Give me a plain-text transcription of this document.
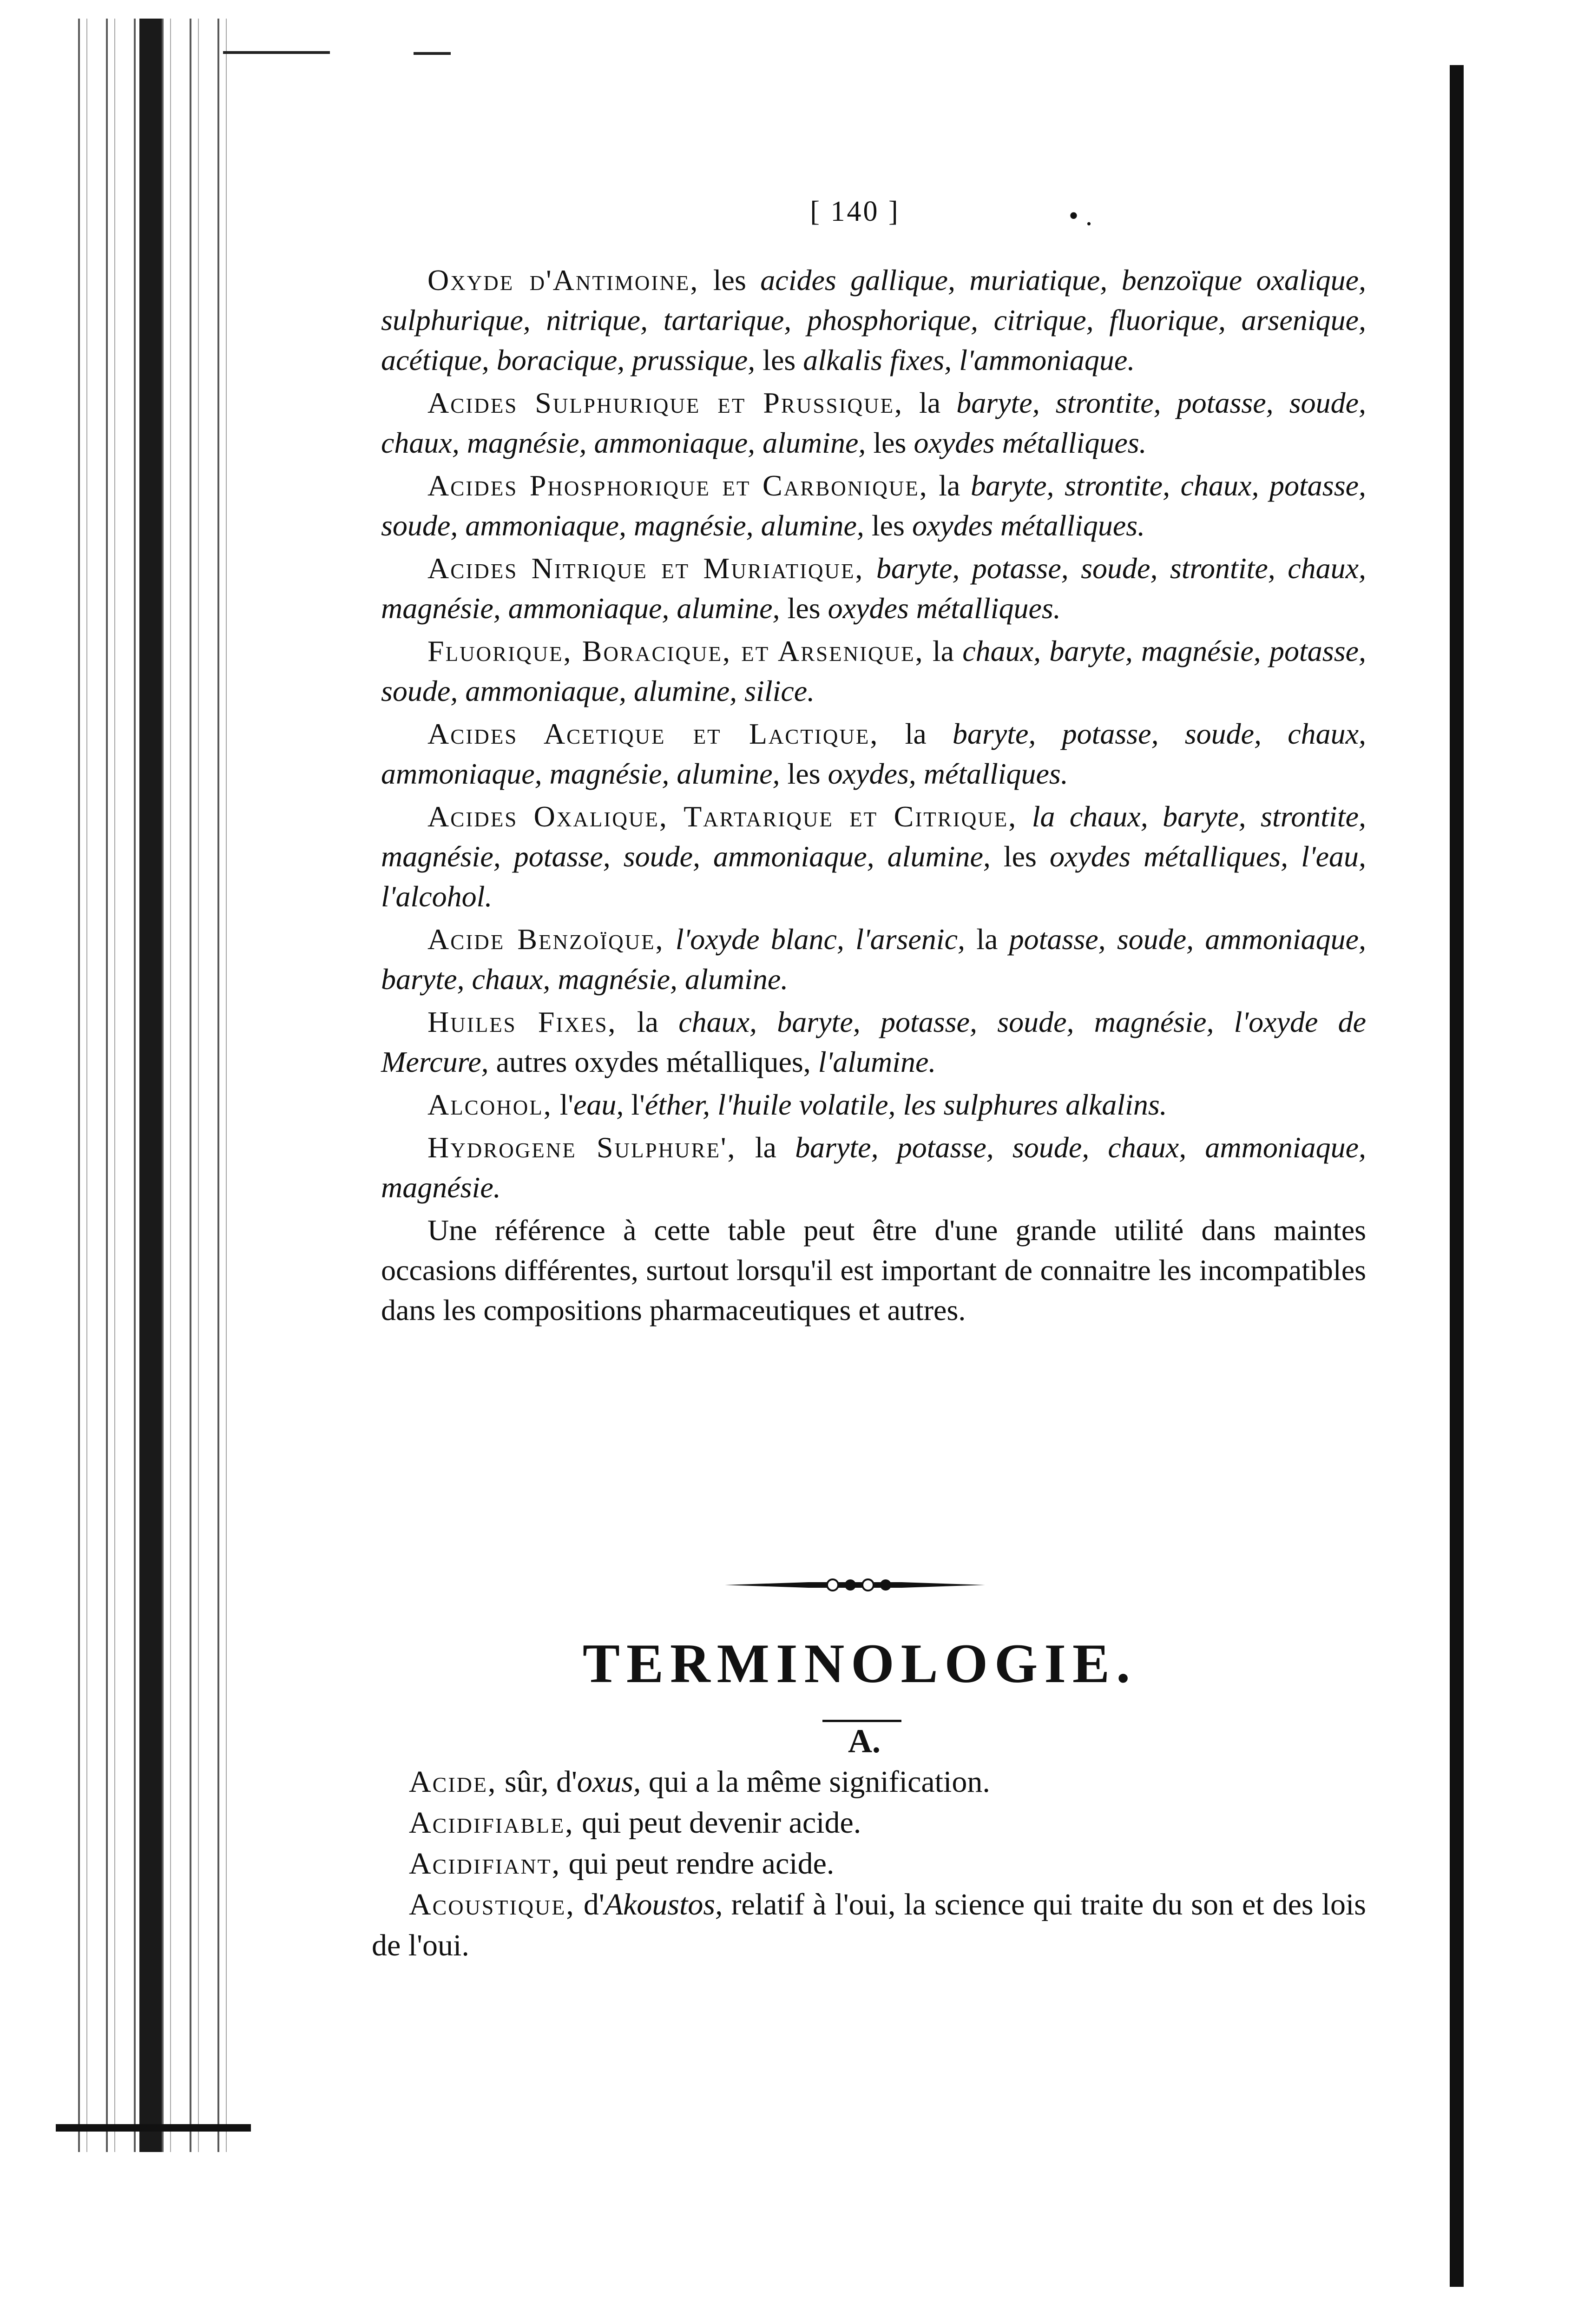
[ 140 ]	• .

Oxyde d'Antimoine, les acides gallique, muriatique, benzoïque oxalique, sulphurique, nitrique, tartarique, phosphorique, citrique, fluorique, arsenique, acétique, boracique, prussique, les alkalis fixes, l'ammoniaque.

Acides Sulphurique et Prussique, la baryte, strontite, potasse, soude, chaux, magnésie, ammoniaque, alumine, les oxydes métalliques.

Acides Phosphorique et Carbonique, la baryte, strontite, chaux, potasse, soude, ammoniaque, magnésie, alumine, les oxydes métalliques.

Acides Nitrique et Muriatique, baryte, potasse, soude, strontite, chaux, magnésie, ammoniaque, alumine, les oxydes métalliques.

Fluorique, Boracique, et Arsenique, la chaux, baryte, magnésie, potasse, soude, ammoniaque, alumine, silice.

Acides Acetique et Lactique, la baryte, potasse, soude, chaux, ammoniaque, magnésie, alumine, les oxydes, métalliques.

Acides Oxalique, Tartarique et Citrique, la chaux, baryte, strontite, magnésie, potasse, soude, ammoniaque, alumine, les oxydes métalliques, l'eau, l'alcohol.

Acide Benzoïque, l'oxyde blanc, l'arsenic, la potasse, soude, ammoniaque, baryte, chaux, magnésie, alumine.

Huiles Fixes, la chaux, baryte, potasse, soude, magnésie, l'oxyde de Mercure, autres oxydes métalliques, l'alumine.

Alcohol, l'eau, l'éther, l'huile volatile, les sulphures alkalins.

Hydrogene Sulphure', la baryte, potasse, soude, chaux, ammoniaque, magnésie.

Une référence à cette table peut être d'une grande utilité dans maintes occasions différentes, surtout lorsqu'il est important de connaitre les incompatibles dans les compositions pharmaceutiques et autres.

TERMINOLOGIE.
A.

Acide, sûr, d'oxus, qui a la même signification.

Acidifiable, qui peut devenir acide.

Acidifiant, qui peut rendre acide.

Acoustique, d'Akoustos, relatif à l'oui, la science qui traite du son et des lois de l'oui.
